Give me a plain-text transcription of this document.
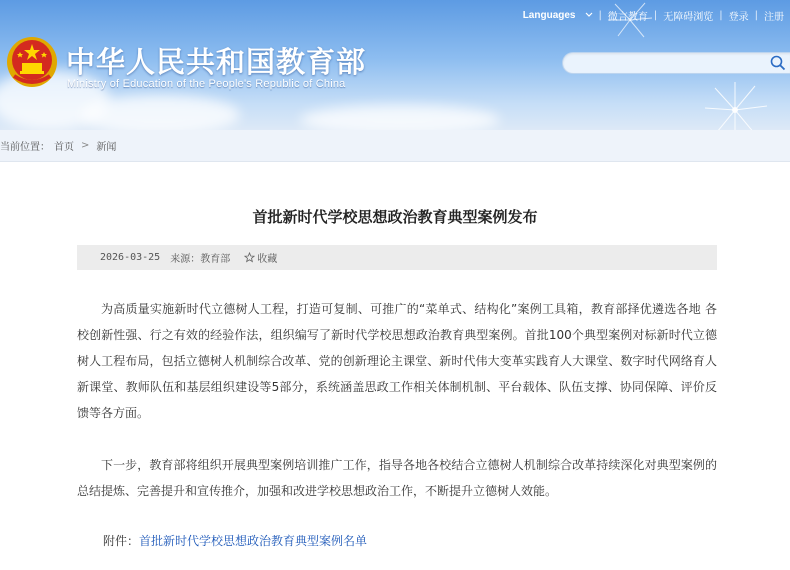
Languages	| 微言教育 | 无障碍浏览 | 登录 | 注册
中华人民共和国教育部
Ministry of Education of the People's Republic of China
当前位置： 首页 > 新闻
首批新时代学校思想政治教育典型案例发布
2026-03-25 来源：教育部	收藏

为高质量实施新时代立德树人工程，打造可复制、可推广的“菜单式、结构化”案例工具箱，教育部择优遴选各地 各校创新性强、行之有效的经验作法，组织编写了新时代学校思想政治教育典型案例。首批100个典型案例对标新时代立德树人工程布局，包括立德树人机制综合改革、党的创新理论主课堂、新时代伟大变革实践育人大课堂、数字时代网络育人新课堂、教师队伍和基层组织建设等5部分，系统涵盖思政工作相关体制机制、平台载体、队伍支撑、协同保障、评价反馈等各方面。

下一步，教育部将组织开展典型案例培训推广工作，指导各地各校结合立德树人机制综合改革持续深化对典型案例的总结提炼、完善提升和宣传推介，加强和改进学校思想政治工作，不断提升立德树人效能。

附件：首批新时代学校思想政治教育典型案例名单
